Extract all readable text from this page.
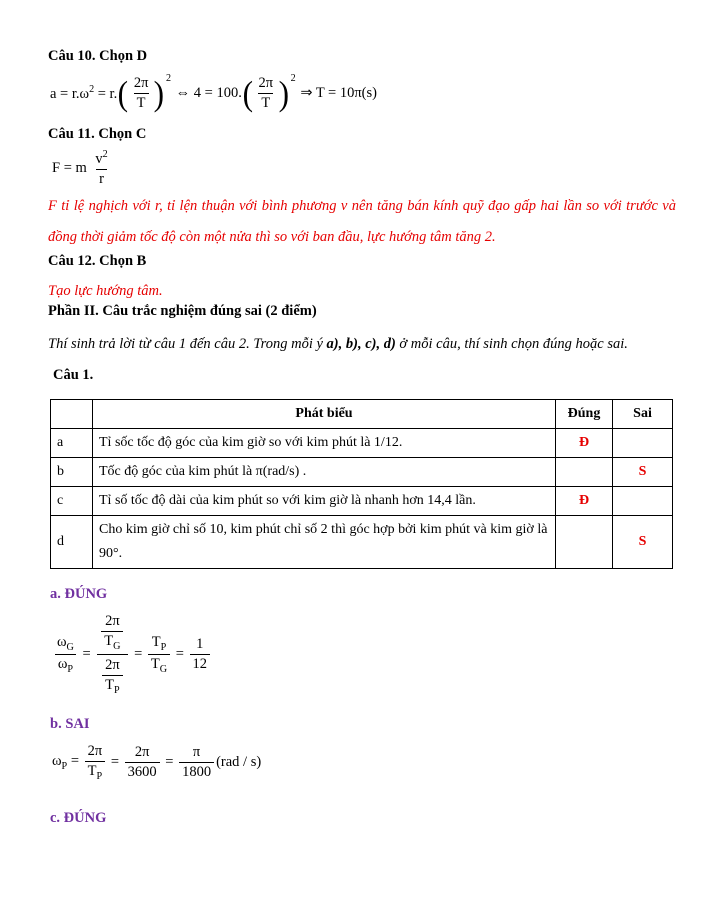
Câu 10. Chọn D
$a = r.\omega^2 = r$. ( 2π
T ) 2
⇔ 4 = 100. ( 2π
T ) 2
⇒ T = 10π(s)
Câu 11. Chọn C
F = m
$v^2$
r
F tỉ lệ nghịch với r, tỉ lện thuận với bình phương v nên tăng bán kính quỹ đạo gấp hai lần so với trước và đồng thời giảm tốc độ còn một nửa thì so với ban đầu, lực hướng tâm tăng 2.
Câu 12. Chọn B
Tạo lực hướng tâm.
Phần II. Câu trắc nghiệm đúng sai (2 điểm)
Thí sinh trả lời từ câu 1 đến câu 2. Trong mỗi ý a), b), c), d) ở mỗi câu, thí sinh chọn đúng hoặc sai.
Câu 1.
	Phát biểu	Đúng	Sai
a	Tỉ sốc tốc độ góc của kim giờ so với kim phút là 1/12.	Đ	
b	Tốc độ góc của kim phút là π(rad/s) .		S
c	Tỉ số tốc độ dài của kim phút so với kim giờ là nhanh hơn 14,4 lần.	Đ	
d	Cho kim giờ chỉ số 10, kim phút chỉ số 2 thì góc hợp bởi kim phút và kim giờ là 90°.		S
a. ĐÚNG
$\frac{\omega_G}{\omega_P}$ =
2π
$T_G$
2π
$T_P$
= $\frac{T_P}{T_G} = \frac{1}{12}$
b. SAI
$\omega_P = \frac{2\pi}{T_P} = \frac{2\pi}{3600} = \frac{\pi}{1800} (rad / s)$
c. ĐÚNG
